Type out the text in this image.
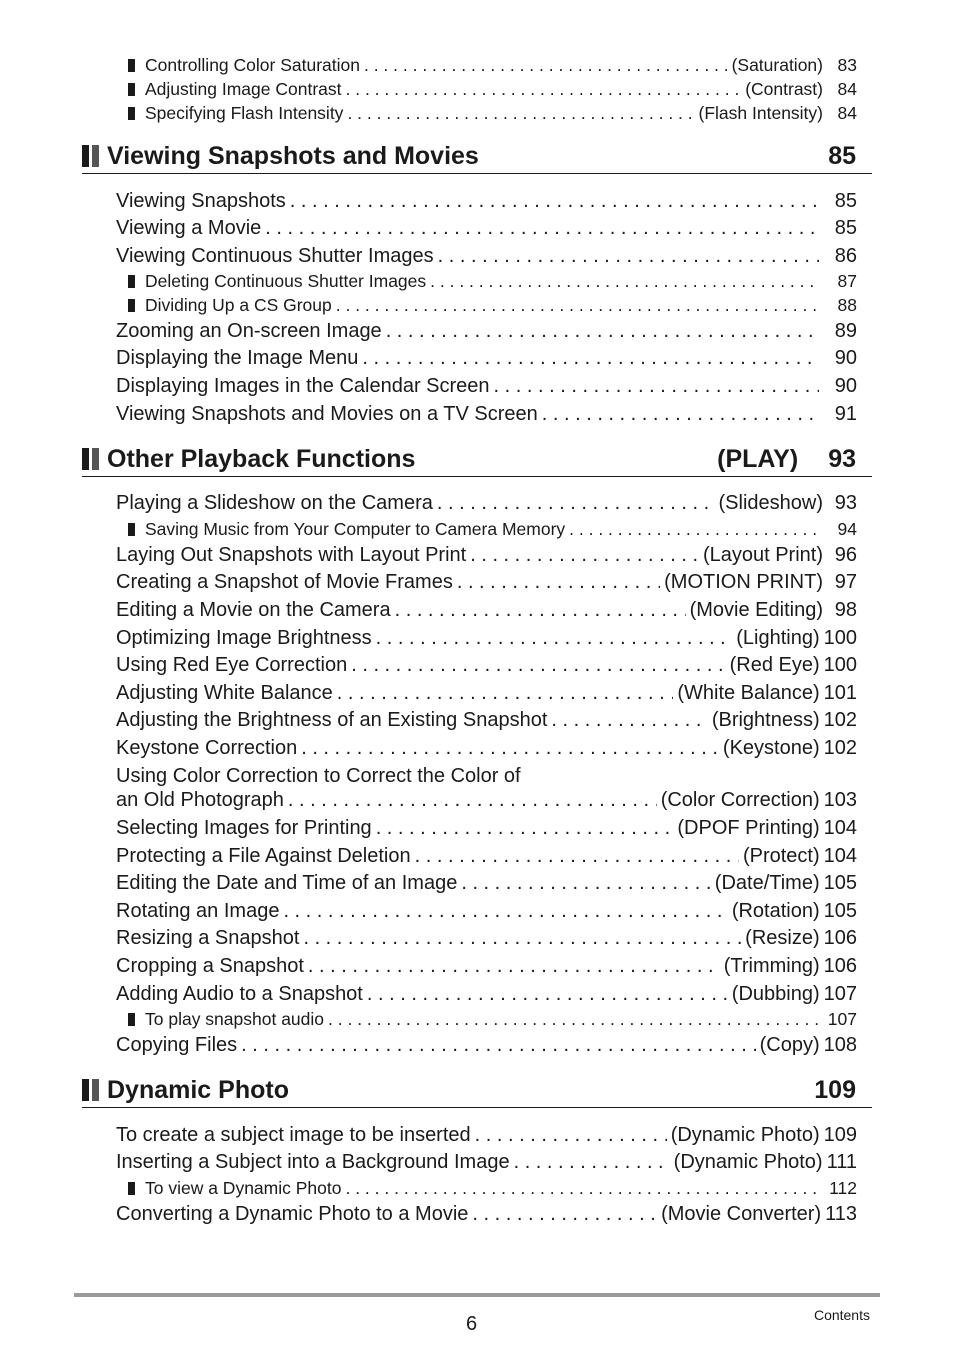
Controlling Color Saturation . . .	(Saturation) 83
Adjusting Image Contrast . . .	(Contrast) 84
Specifying Flash Intensity . . .	(Flash Intensity) 84
Viewing Snapshots and Movies	85
Viewing Snapshots . . .	85
Viewing a Movie . . .	85
Viewing Continuous Shutter Images . . .	86
Deleting Continuous Shutter Images . . .	87
Dividing Up a CS Group . . .	88
Zooming an On-screen Image . . .	89
Displaying the Image Menu . . .	90
Displaying Images in the Calendar Screen . . .	90
Viewing Snapshots and Movies on a TV Screen . . .	91
Other Playback Functions	(PLAY) 93
Playing a Slideshow on the Camera . . .	(Slideshow) 93
Saving Music from Your Computer to Camera Memory . . .	94
Laying Out Snapshots with Layout Print . . .	(Layout Print) 96
Creating a Snapshot of Movie Frames . . .	(MOTION PRINT) 97
Editing a Movie on the Camera . . .	(Movie Editing) 98
Optimizing Image Brightness . . .	(Lighting) 100
Using Red Eye Correction . . .	(Red Eye) 100
Adjusting White Balance . . .	(White Balance) 101
Adjusting the Brightness of an Existing Snapshot . . .	(Brightness) 102
Keystone Correction . . .	(Keystone) 102
Using Color Correction to Correct the Color of
an Old Photograph . . .	(Color Correction) 103
Selecting Images for Printing . . .	(DPOF Printing) 104
Protecting a File Against Deletion . . .	(Protect) 104
Editing the Date and Time of an Image . . .	(Date/Time) 105
Rotating an Image . . .	(Rotation) 105
Resizing a Snapshot . . .	(Resize) 106
Cropping a Snapshot . . .	(Trimming) 106
Adding Audio to a Snapshot . . .	(Dubbing) 107
To play snapshot audio . . .	107
Copying Files . . .	(Copy) 108
Dynamic Photo	109
To create a subject image to be inserted . . .	(Dynamic Photo) 109
Inserting a Subject into a Background Image . . .	(Dynamic Photo) 111
To view a Dynamic Photo . . .	112
Converting a Dynamic Photo to a Movie . . .	(Movie Converter) 113
6	Contents
